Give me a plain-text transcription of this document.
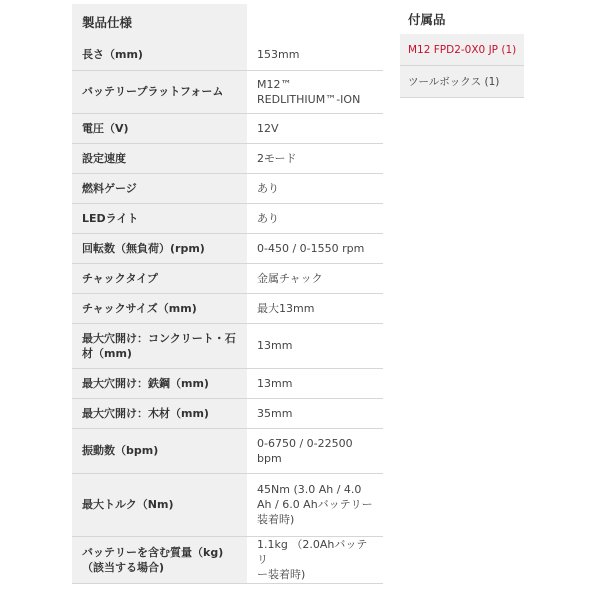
製品仕様	
長さ（mm)	153mm
バッテリープラットフォーム	M12™
REDLITHIUM™-ION
電圧（V)	12V
設定速度	2モード
燃料ゲージ	あり
LEDライト	あり
回転数（無負荷）(rpm)	0-450 / 0-1550 rpm
チャックタイプ	金属チャック
チャックサイズ（mm)	最大13mm
最大穴開け：コンクリート・石
材（mm)	13mm
最大穴開け：鉄鋼（mm)	13mm
最大穴開け：木材（mm)	35mm
振動数（bpm)	0-6750 / 0-22500
bpm
最大トルク（Nm)	45Nm (3.0 Ah / 4.0
Ah / 6.0 Ahバッテリー
装着時)
バッテリーを含む質量（kg)
（該当する場合)	1.1kg （2.0Ahバッテリ
ー装着時)
付属品
M12 FPD2-0X0 JP (1)
ツールボックス (1)
